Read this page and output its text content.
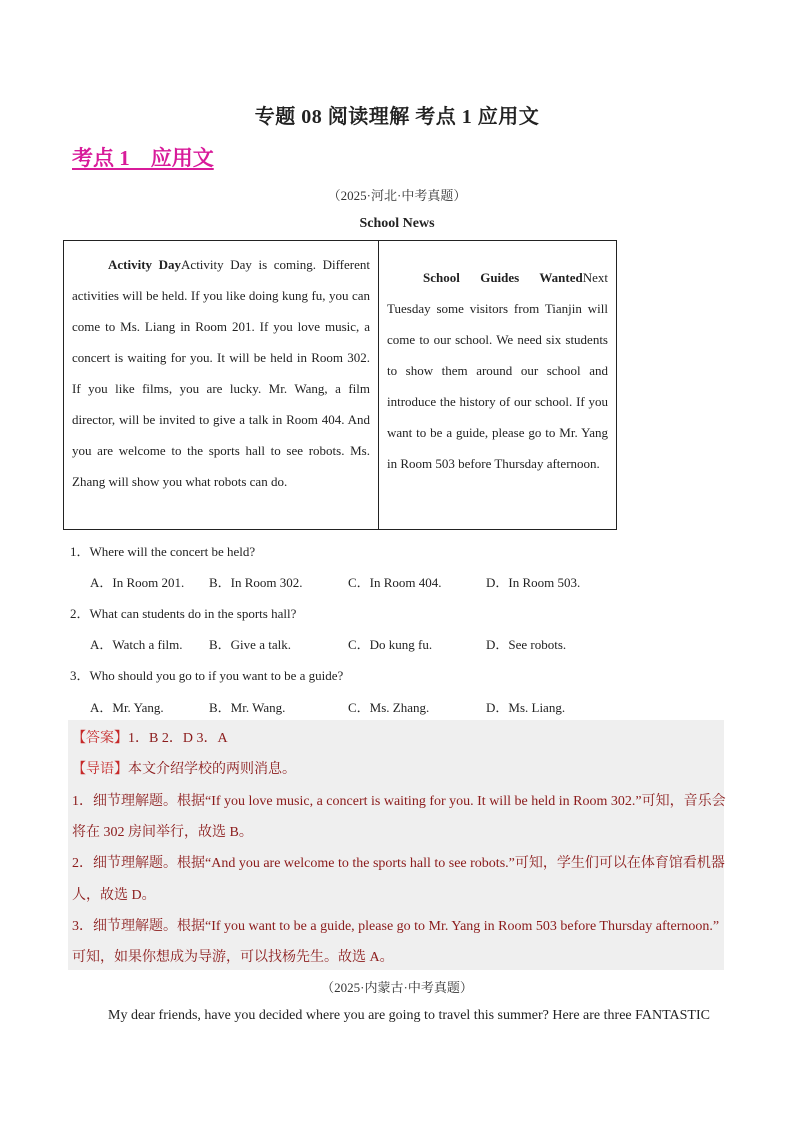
专题 08 阅读理解 考点 1 应用文
考点 1    应用文
（2025·河北·中考真题）
School News
Activity DayActivity Day is coming. Different activities will be held. If you like doing kung fu, you can come to Ms. Liang in Room 201. If you love music, a concert is waiting for you. It will be held in Room 302. If you like films, you are lucky. Mr. Wang, a film director, will be invited to give a talk in Room 404. And you are welcome to the sports hall to see robots. Ms. Zhang will show you what robots can do.
School Guides WantedNext Tuesday some visitors from Tianjin will come to our school. We need six students to show them around our school and introduce the history of our school. If you want to be a guide, please go to Mr. Yang in Room 503 before Thursday afternoon.
1．Where will the concert be held?
A．In Room 201. B．In Room 302.	C．In Room 404.	D．In Room 503.
2．What can students do in the sports hall?
A．Watch a film. B．Give a talk.	C．Do kung fu.	D．See robots.
3．Who should you go to if you want to be a guide?
A．Mr. Yang.	B．Mr. Wang.	C．Ms. Zhang.	D．Ms. Liang.
【答案】1．B 2．D 3．A
【导语】本文介绍学校的两则消息。
1．细节理解题。根据“If you love music, a concert is waiting for you. It will be held in Room 302.”可知，音乐会
将在 302 房间举行，故选 B。
2．细节理解题。根据“And you are welcome to the sports hall to see robots.”可知，学生们可以在体育馆看机器
人，故选 D。
3．细节理解题。根据“If you want to be a guide, please go to Mr. Yang in Room 503 before Thursday afternoon.”
可知，如果你想成为导游，可以找杨先生。故选 A。
（2025·内蒙古·中考真题）
My dear friends, have you decided where you are going to travel this summer? Here are three FANTASTIC
